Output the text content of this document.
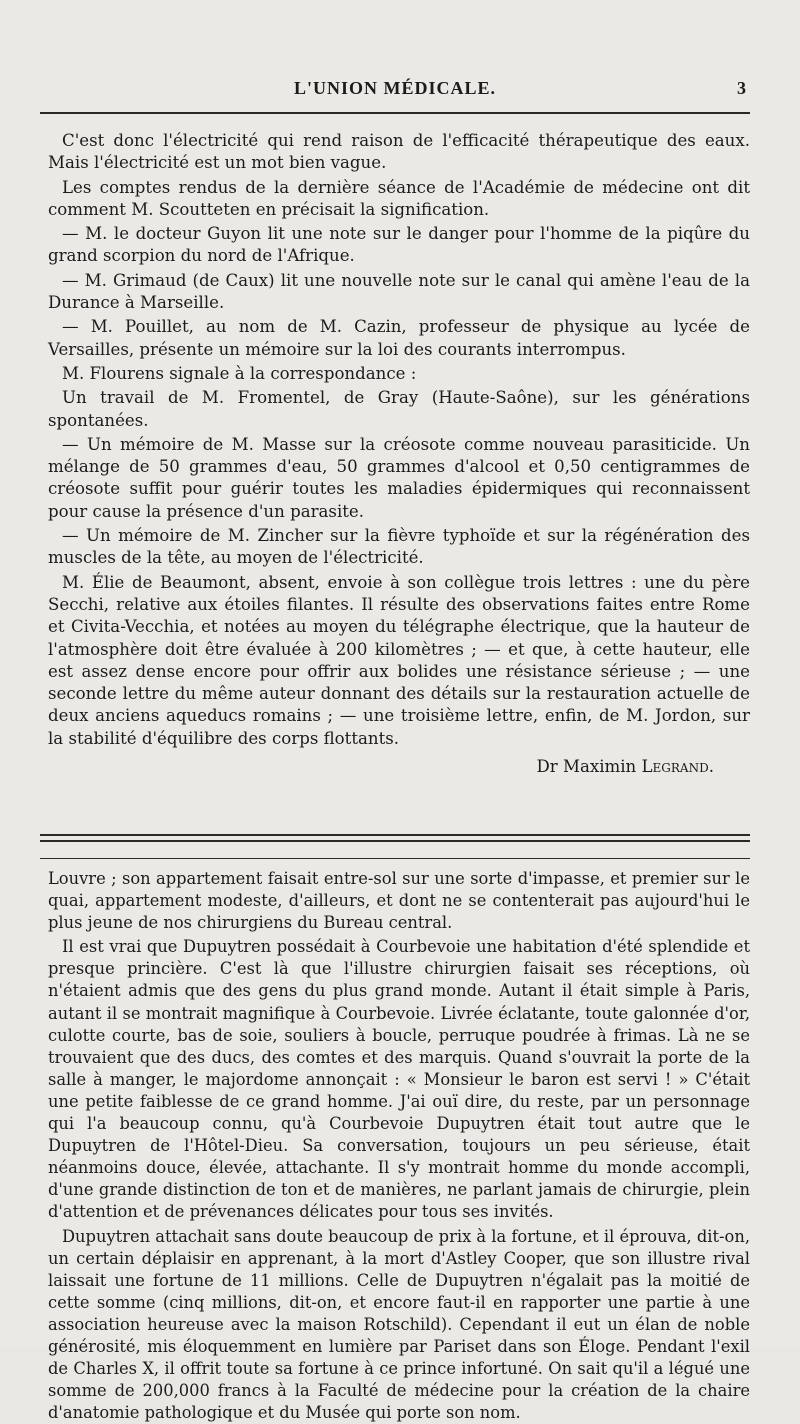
L'UNION MÉDICALE.	3

C'est donc l'électricité qui rend raison de l'efficacité thérapeutique des eaux. Mais l'électricité est un mot bien vague.

Les comptes rendus de la dernière séance de l'Académie de médecine ont dit comment M. Scoutteten en précisait la signification.

— M. le docteur Guyon lit une note sur le danger pour l'homme de la piqûre du grand scorpion du nord de l'Afrique.

— M. Grimaud (de Caux) lit une nouvelle note sur le canal qui amène l'eau de la Durance à Marseille.

— M. Pouillet, au nom de M. Cazin, professeur de physique au lycée de Versailles, présente un mémoire sur la loi des courants interrompus.

M. Flourens signale à la correspondance :

Un travail de M. Fromentel, de Gray (Haute-Saône), sur les générations spontanées.

— Un mémoire de M. Masse sur la créosote comme nouveau parasiticide. Un mélange de 50 grammes d'eau, 50 grammes d'alcool et 0,50 centigrammes de créosote suffit pour guérir toutes les maladies épidermiques qui reconnaissent pour cause la présence d'un parasite.

— Un mémoire de M. Zincher sur la fièvre typhoïde et sur la régénération des muscles de la tête, au moyen de l'électricité.

M. Élie de Beaumont, absent, envoie à son collègue trois lettres : une du père Secchi, relative aux étoiles filantes. Il résulte des observations faites entre Rome et Civita-Vecchia, et notées au moyen du télégraphe électrique, que la hauteur de l'atmosphère doit être évaluée à 200 kilomètres ; — et que, à cette hauteur, elle est assez dense encore pour offrir aux bolides une résistance sérieuse ; — une seconde lettre du même auteur donnant des détails sur la restauration actuelle de deux anciens aqueducs romains ; — une troisième lettre, enfin, de M. Jordon, sur la stabilité d'équilibre des corps flottants.

Dr Maximin Legrand.

Louvre ; son appartement faisait entre-sol sur une sorte d'impasse, et premier sur le quai, appartement modeste, d'ailleurs, et dont ne se contenterait pas aujourd'hui le plus jeune de nos chirurgiens du Bureau central.

Il est vrai que Dupuytren possédait à Courbevoie une habitation d'été splendide et presque princière. C'est là que l'illustre chirurgien faisait ses réceptions, où n'étaient admis que des gens du plus grand monde. Autant il était simple à Paris, autant il se montrait magnifique à Courbevoie. Livrée éclatante, toute galonnée d'or, culotte courte, bas de soie, souliers à boucle, perruque poudrée à frimas. Là ne se trouvaient que des ducs, des comtes et des marquis. Quand s'ouvrait la porte de la salle à manger, le majordome annonçait : « Monsieur le baron est servi ! » C'était une petite faiblesse de ce grand homme. J'ai ouï dire, du reste, par un personnage qui l'a beaucoup connu, qu'à Courbevoie Dupuytren était tout autre que le Dupuytren de l'Hôtel-Dieu. Sa conversation, toujours un peu sérieuse, était néanmoins douce, élevée, attachante. Il s'y montrait homme du monde accompli, d'une grande distinction de ton et de manières, ne parlant jamais de chirurgie, plein d'attention et de prévenances délicates pour tous ses invités.

Dupuytren attachait sans doute beaucoup de prix à la fortune, et il éprouva, dit-on, un certain déplaisir en apprenant, à la mort d'Astley Cooper, que son illustre rival laissait une fortune de 11 millions. Celle de Dupuytren n'égalait pas la moitié de cette somme (cinq millions, dit-on, et encore faut-il en rapporter une partie à une association heureuse avec la maison Rotschild). Cependant il eut un élan de noble générosité, mis éloquemment en lumière par Pariset dans son Éloge. Pendant l'exil de Charles X, il offrit toute sa fortune à ce prince infortuné. On sait qu'il a légué une somme de 200,000 francs à la Faculté de médecine pour la création de la chaire d'anatomie pathologique et du Musée qui porte son nom.
